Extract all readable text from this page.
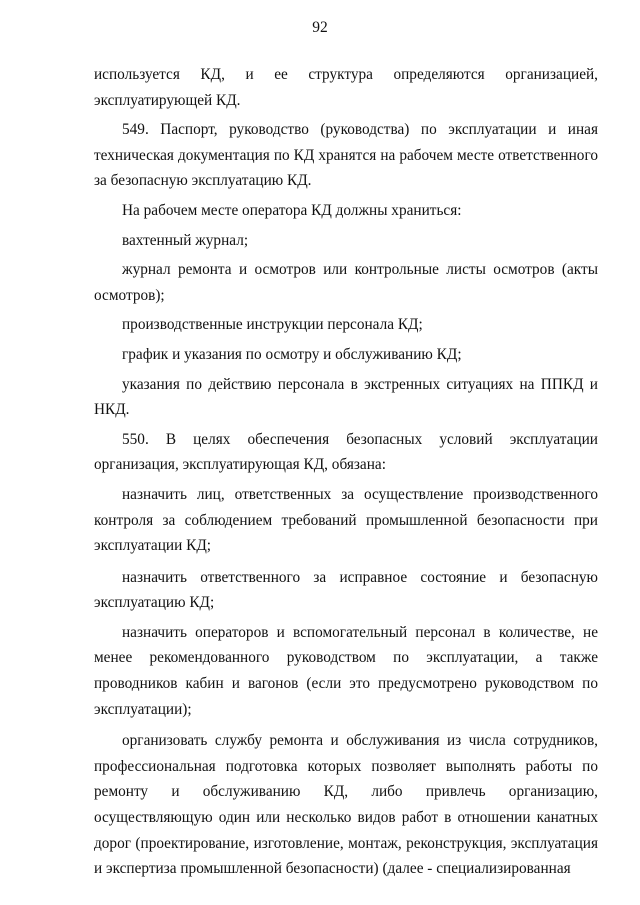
92

используется КД, и ее структура определяются организацией, эксплуатирующей КД.

549. Паспорт, руководство (руководства) по эксплуатации и иная техническая документация по КД хранятся на рабочем месте ответственного за безопасную эксплуатацию КД.

На рабочем месте оператора КД должны храниться:

вахтенный журнал;

журнал ремонта и осмотров или контрольные листы осмотров (акты осмотров);

производственные инструкции персонала КД;

график и указания по осмотру и обслуживанию КД;

указания по действию персонала в экстренных ситуациях на ППКД и НКД.

550. В целях обеспечения безопасных условий эксплуатации организация, эксплуатирующая КД, обязана:

назначить лиц, ответственных за осуществление производственного контроля за соблюдением требований промышленной безопасности при эксплуатации КД;

назначить ответственного за исправное состояние и безопасную эксплуатацию КД;

назначить операторов и вспомогательный персонал в количестве, не менее рекомендованного руководством по эксплуатации, а также проводников кабин и вагонов (если это предусмотрено руководством по эксплуатации);

организовать службу ремонта и обслуживания из числа сотрудников, профессиональная подготовка которых позволяет выполнять работы по ремонту и обслуживанию КД, либо привлечь организацию, осуществляющую один или несколько видов работ в отношении канатных дорог (проектирование, изготовление, монтаж, реконструкция, эксплуатация и экспертиза промышленной безопасности) (далее - специализированная
